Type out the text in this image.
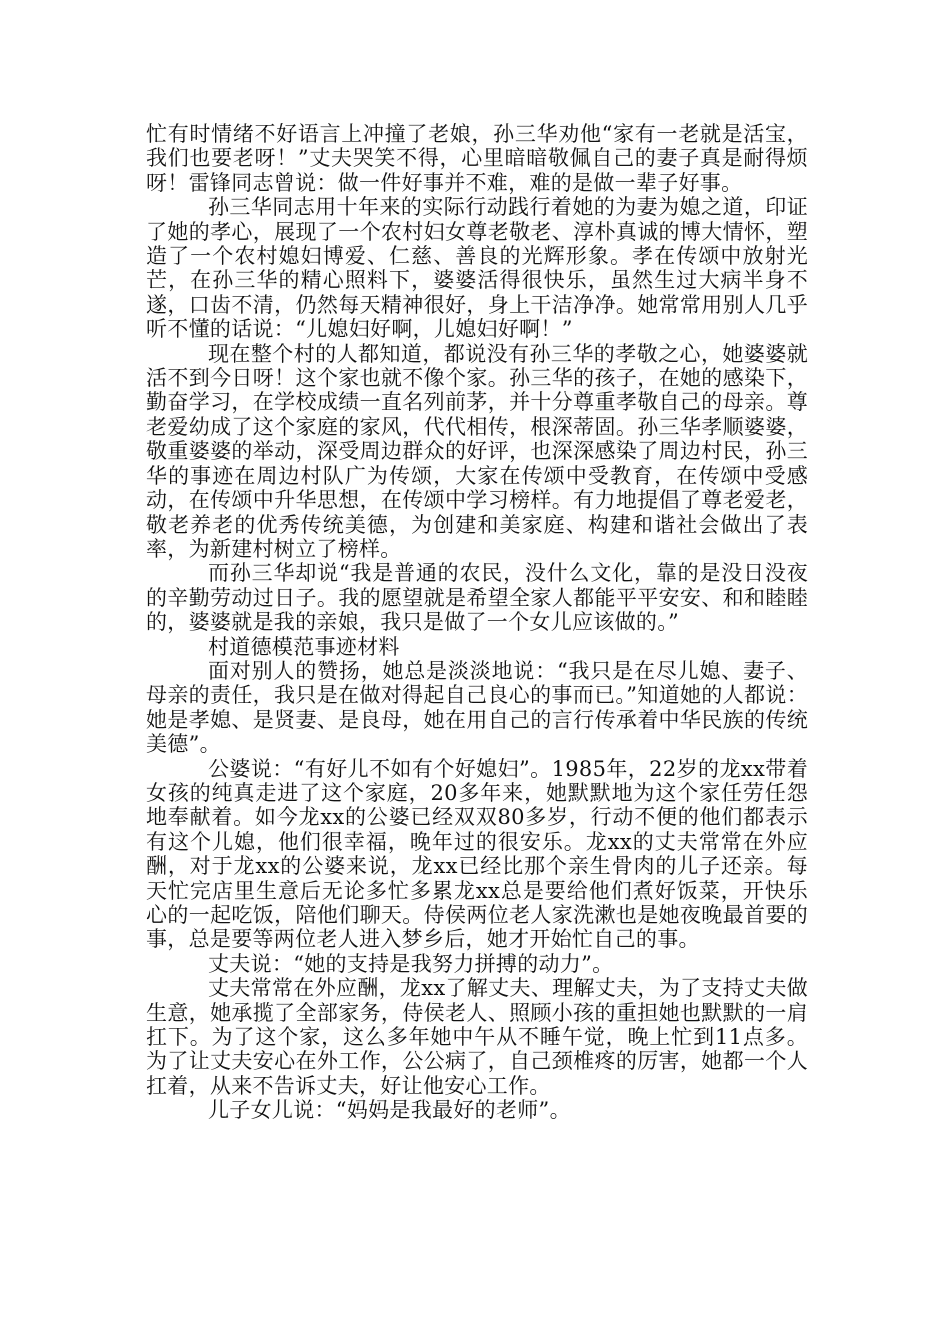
忙有时情绪不好语言上冲撞了老娘，孙三华劝他“家有一老就是活宝，我们也要老呀！”丈夫哭笑不得，心里暗暗敬佩自己的妻子真是耐得烦呀！雷锋同志曾说：做一件好事并不难，难的是做一辈子好事。

孙三华同志用十年来的实际行动践行着她的为妻为媳之道，印证了她的孝心，展现了一个农村妇女尊老敬老、淳朴真诚的博大情怀，塑造了一个农村媳妇博爱、仁慈、善良的光辉形象。孝在传颂中放射光芒，在孙三华的精心照料下，婆婆活得很快乐，虽然生过大病半身不遂，口齿不清，仍然每天精神很好，身上干洁净净。她常常用别人几乎听不懂的话说：“儿媳妇好啊，儿媳妇好啊！”

现在整个村的人都知道，都说没有孙三华的孝敬之心，她婆婆就活不到今日呀！这个家也就不像个家。孙三华的孩子，在她的感染下，勤奋学习，在学校成绩一直名列前茅，并十分尊重孝敬自己的母亲。尊老爱幼成了这个家庭的家风，代代相传，根深蒂固。孙三华孝顺婆婆，敬重婆婆的举动，深受周边群众的好评，也深深感染了周边村民，孙三华的事迹在周边村队广为传颂，大家在传颂中受教育，在传颂中受感动，在传颂中升华思想，在传颂中学习榜样。有力地提倡了尊老爱老，敬老养老的优秀传统美德，为创建和美家庭、构建和谐社会做出了表率，为新建村树立了榜样。

而孙三华却说“我是普通的农民，没什么文化，靠的是没日没夜的辛勤劳动过日子。我的愿望就是希望全家人都能平平安安、和和睦睦的，婆婆就是我的亲娘，我只是做了一个女儿应该做的。”

村道德模范事迹材料

面对别人的赞扬，她总是淡淡地说：“我只是在尽儿媳、妻子、母亲的责任，我只是在做对得起自己良心的事而已。”知道她的人都说：她是孝媳、是贤妻、是良母，她在用自己的言行传承着中华民族的传统美德”。

公婆说：“有好儿不如有个好媳妇”。1985年，22岁的龙xx带着女孩的纯真走进了这个家庭，20多年来，她默默地为这个家任劳任怨地奉献着。如今龙xx的公婆已经双双80多岁，行动不便的他们都表示有这个儿媳，他们很幸福，晚年过的很安乐。龙xx的丈夫常常在外应酬，对于龙xx的公婆来说，龙xx已经比那个亲生骨肉的儿子还亲。每天忙完店里生意后无论多忙多累龙xx总是要给他们煮好饭菜，开快乐心的一起吃饭，陪他们聊天。侍侯两位老人家洗漱也是她夜晚最首要的事，总是要等两位老人进入梦乡后，她才开始忙自己的事。

丈夫说：“她的支持是我努力拼搏的动力”。

丈夫常常在外应酬，龙xx了解丈夫、理解丈夫，为了支持丈夫做生意，她承揽了全部家务，侍侯老人、照顾小孩的重担她也默默的一肩扛下。为了这个家，这么多年她中午从不睡午觉，晚上忙到11点多。为了让丈夫安心在外工作，公公病了，自己颈椎疼的厉害，她都一个人扛着，从来不告诉丈夫，好让他安心工作。

儿子女儿说：“妈妈是我最好的老师”。
